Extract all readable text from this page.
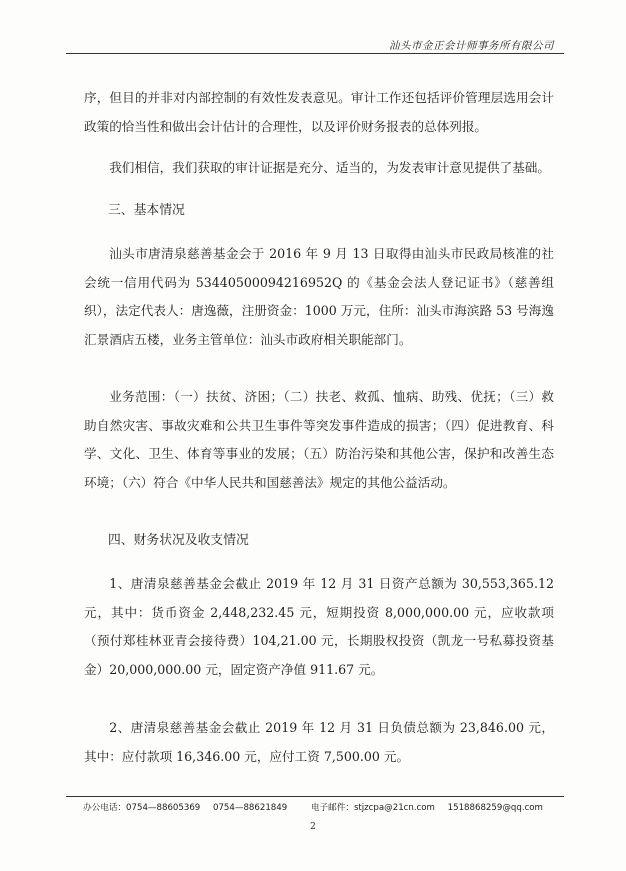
汕头市金正会计师事务所有限公司

序，但目的并非对内部控制的有效性发表意见。审计工作还包括评价管理层选用会计政策的恰当性和做出会计估计的合理性，以及评价财务报表的总体列报。

我们相信，我们获取的审计证据是充分、适当的，为发表审计意见提供了基础。

三、基本情况

汕头市唐清泉慈善基金会于 2016 年 9 月 13 日取得由汕头市民政局核准的社会统一信用代码为 53440500094216952Q 的《基金会法人登记证书》（慈善组织），法定代表人：唐逸薇，注册资金：1000 万元，住所：汕头市海滨路 53 号海逸汇景酒店五楼，业务主管单位：汕头市政府相关职能部门。

业务范围：（一）扶贫、济困；（二）扶老、救孤、恤病、助残、优抚；（三）救助自然灾害、事故灾难和公共卫生事件等突发事件造成的损害；（四）促进教育、科学、文化、卫生、体育等事业的发展；（五）防治污染和其他公害，保护和改善生态环境；（六）符合《中华人民共和国慈善法》规定的其他公益活动。

四、财务状况及收支情况

1、唐清泉慈善基金会截止 2019 年 12 月 31 日资产总额为 30,553,365.12 元，其中：货币资金 2,448,232.45 元，短期投资 8,000,000.00 元，应收款项（预付郑桂林亚青会接待费）104,21.00 元，长期股权投资（凯龙一号私募投资基金）20,000,000.00 元，固定资产净值 911.67 元。

2、唐清泉慈善基金会截止 2019 年 12 月 31 日负债总额为 23,846.00 元，其中：应付款项 16,346.00 元，应付工资 7,500.00 元。

办公电话：0754—88605369 0754—88621849	电子邮件：stjzcpa@21cn.com 1518868259@qq.com
2
